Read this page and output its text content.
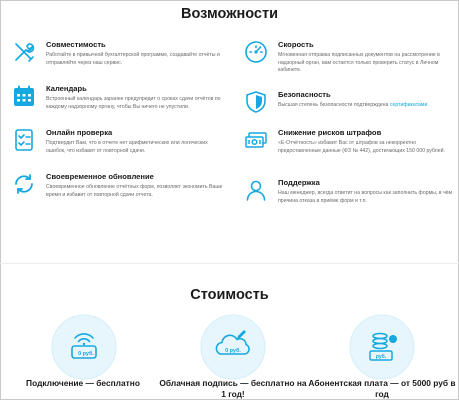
Возможности
Совместимость
Работайте в привычной бухгалтерской программе, создавайте отчёты и отправляйте через наш сервис.
Календарь
Встроенный календарь заранее предупредит о сроках сдачи отчётов по каждому надзорному органу, чтобы Вы ничего не упустили.
Онлайн проверка
Подтвердит Вам, что в отчете нет арифметических или логических ошибок, что избавит от повторной сдачи.
Своевременное обновление
Своевременное обновление отчётных форм, позволяет экономить Ваше время и избавит от повторной сдачи отчета.
Скорость
Мгновенная отправка подписанных документов на рассмотрение в надзорный орган, вам остается только проверить статус в Личном кабинете.
Безопасность
Высшая степень безопасности подтверждена сертификатами.
Снижение рисков штрафов
«Е-Отчётность» избавит Вас от штрафов за некорректно предоставленные данные (ФЗ № 442), достигающих 150 000 рублей.
Поддержка
Наш менеджер, всегда ответит на вопросы как заполнить формы, в чём причина отказа в приёме форм и т.п.
Стоимость
0 руб.	0 руб.
руб.
Подключение — бесплатно	Облачная подпись — бесплатно на 1 год!
Абонентская плата — от 5000 руб в год
